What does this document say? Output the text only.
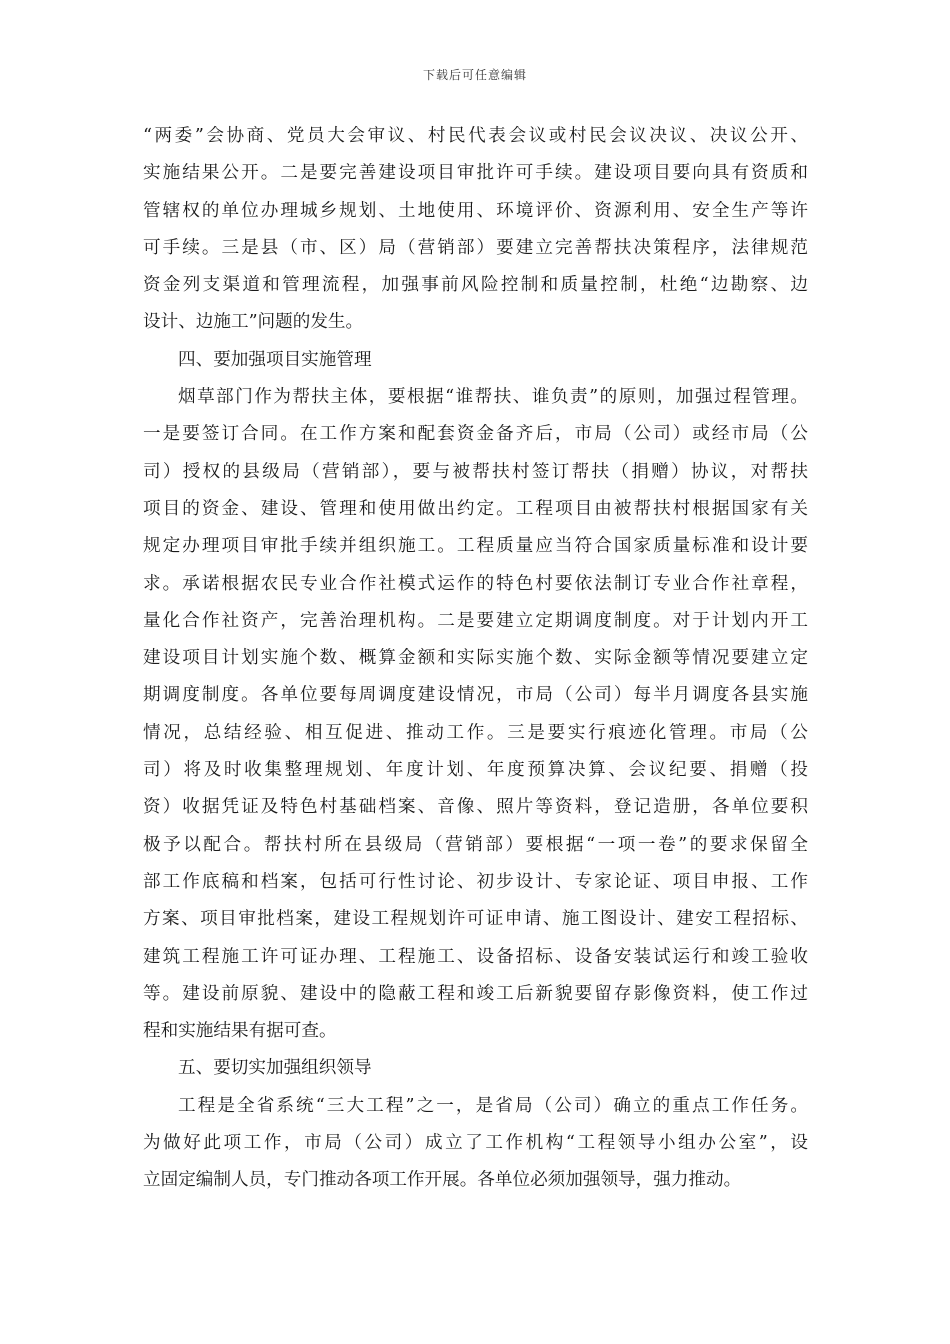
下载后可任意编辑
“两委”会协商、党员大会审议、村民代表会议或村民会议决议、决议公开、
实施结果公开。二是要完善建设项目审批许可手续。建设项目要向具有资质和
管辖权的单位办理城乡规划、土地使用、环境评价、资源利用、安全生产等许
可手续。三是县（市、区）局（营销部）要建立完善帮扶决策程序，法律规范
资金列支渠道和管理流程，加强事前风险控制和质量控制，杜绝“边勘察、边
设计、边施工”问题的发生。
四、要加强项目实施管理
烟草部门作为帮扶主体，要根据“谁帮扶、谁负责”的原则，加强过程管理。
一是要签订合同。在工作方案和配套资金备齐后，市局（公司）或经市局（公
司）授权的县级局（营销部），要与被帮扶村签订帮扶（捐赠）协议，对帮扶
项目的资金、建设、管理和使用做出约定。工程项目由被帮扶村根据国家有关
规定办理项目审批手续并组织施工。工程质量应当符合国家质量标准和设计要
求。承诺根据农民专业合作社模式运作的特色村要依法制订专业合作社章程，
量化合作社资产，完善治理机构。二是要建立定期调度制度。对于计划内开工
建设项目计划实施个数、概算金额和实际实施个数、实际金额等情况要建立定
期调度制度。各单位要每周调度建设情况，市局（公司）每半月调度各县实施
情况，总结经验、相互促进、推动工作。三是要实行痕迹化管理。市局（公
司）将及时收集整理规划、年度计划、年度预算决算、会议纪要、捐赠（投
资）收据凭证及特色村基础档案、音像、照片等资料，登记造册，各单位要积
极予以配合。帮扶村所在县级局（营销部）要根据“一项一卷”的要求保留全
部工作底稿和档案，包括可行性讨论、初步设计、专家论证、项目申报、工作
方案、项目审批档案，建设工程规划许可证申请、施工图设计、建安工程招标、
建筑工程施工许可证办理、工程施工、设备招标、设备安装试运行和竣工验收
等。建设前原貌、建设中的隐蔽工程和竣工后新貌要留存影像资料，使工作过
程和实施结果有据可查。
五、要切实加强组织领导
工程是全省系统“三大工程”之一，是省局（公司）确立的重点工作任务。
为做好此项工作，市局（公司）成立了工作机构“工程领导小组办公室”，设
立固定编制人员，专门推动各项工作开展。各单位必须加强领导，强力推动。
